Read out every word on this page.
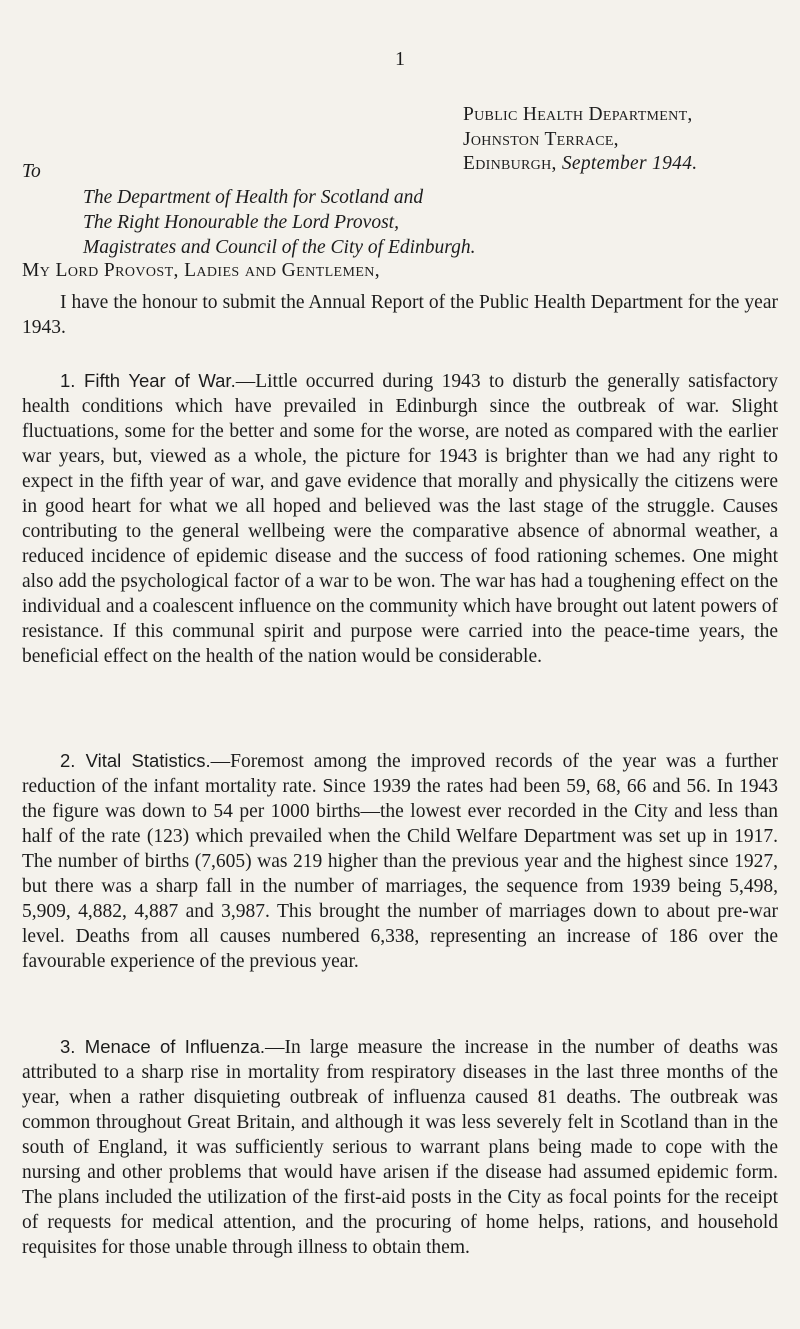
1
Public Health Department,
Johnston Terrace,
Edinburgh, September 1944.
To
The Department of Health for Scotland and
The Right Honourable the Lord Provost,
Magistrates and Council of the City of Edinburgh.
My Lord Provost, Ladies and Gentlemen,

I have the honour to submit the Annual Report of the Public Health Department for the year 1943.

1. Fifth Year of War.—Little occurred during 1943 to disturb the generally satisfactory health conditions which have prevailed in Edinburgh since the outbreak of war. Slight fluctuations, some for the better and some for the worse, are noted as compared with the earlier war years, but, viewed as a whole, the picture for 1943 is brighter than we had any right to expect in the fifth year of war, and gave evidence that morally and physically the citizens were in good heart for what we all hoped and believed was the last stage of the struggle. Causes contributing to the general wellbeing were the comparative absence of abnormal weather, a reduced incidence of epidemic disease and the success of food rationing schemes. One might also add the psychological factor of a war to be won. The war has had a toughening effect on the individual and a coalescent influence on the community which have brought out latent powers of resistance. If this communal spirit and purpose were carried into the peace-time years, the beneficial effect on the health of the nation would be considerable.

2. Vital Statistics.—Foremost among the improved records of the year was a further reduction of the infant mortality rate. Since 1939 the rates had been 59, 68, 66 and 56. In 1943 the figure was down to 54 per 1000 births—the lowest ever recorded in the City and less than half of the rate (123) which prevailed when the Child Welfare Department was set up in 1917. The number of births (7,605) was 219 higher than the previous year and the highest since 1927, but there was a sharp fall in the number of marriages, the sequence from 1939 being 5,498, 5,909, 4,882, 4,887 and 3,987. This brought the number of marriages down to about pre-war level. Deaths from all causes numbered 6,338, representing an increase of 186 over the favourable experience of the previous year.

3. Menace of Influenza.—In large measure the increase in the number of deaths was attributed to a sharp rise in mortality from respiratory diseases in the last three months of the year, when a rather disquieting outbreak of influenza caused 81 deaths. The outbreak was common throughout Great Britain, and although it was less severely felt in Scotland than in the south of England, it was sufficiently serious to warrant plans being made to cope with the nursing and other problems that would have arisen if the disease had assumed epidemic form. The plans included the utilization of the first-aid posts in the City as focal points for the receipt of requests for medical attention, and the procuring of home helps, rations, and household requisites for those unable through illness to obtain them.
